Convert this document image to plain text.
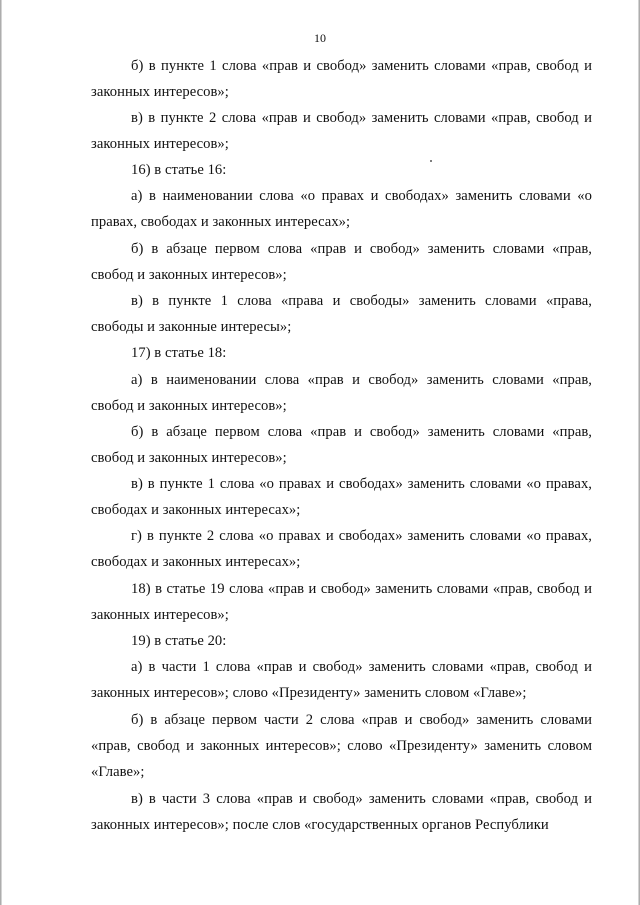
10

б) в пункте 1 слова «прав и свобод» заменить словами «прав, свобод и законных интересов»;

в) в пункте 2 слова «прав и свобод» заменить словами «прав, свобод и законных интересов»;

16) в статье 16:

а) в наименовании слова «о правах и свободах» заменить словами «о правах, свободах и законных интересах»;

б) в абзаце первом слова «прав и свобод» заменить словами «прав, свобод и законных интересов»;

в) в пункте 1 слова «права и свободы» заменить словами «права, свободы и законные интересы»;

17) в статье 18:

а) в наименовании слова «прав и свобод» заменить словами «прав, свобод и законных интересов»;

б) в абзаце первом слова «прав и свобод» заменить словами «прав, свобод и законных интересов»;

в) в пункте 1 слова «о правах и свободах» заменить словами «о правах, свободах и законных интересах»;

г) в пункте 2 слова «о правах и свободах» заменить словами «о правах, свободах и законных интересах»;

18) в статье 19 слова «прав и свобод» заменить словами «прав, свобод и законных интересов»;

19) в статье 20:

а) в части 1 слова «прав и свобод» заменить словами «прав, свобод и законных интересов»; слово «Президенту» заменить словом «Главе»;

б) в абзаце первом части 2 слова «прав и свобод» заменить словами «прав, свобод и законных интересов»; слово «Президенту» заменить словом «Главе»;

в) в части 3 слова «прав и свобод» заменить словами «прав, свобод и законных интересов»; после слов «государственных органов Республики
